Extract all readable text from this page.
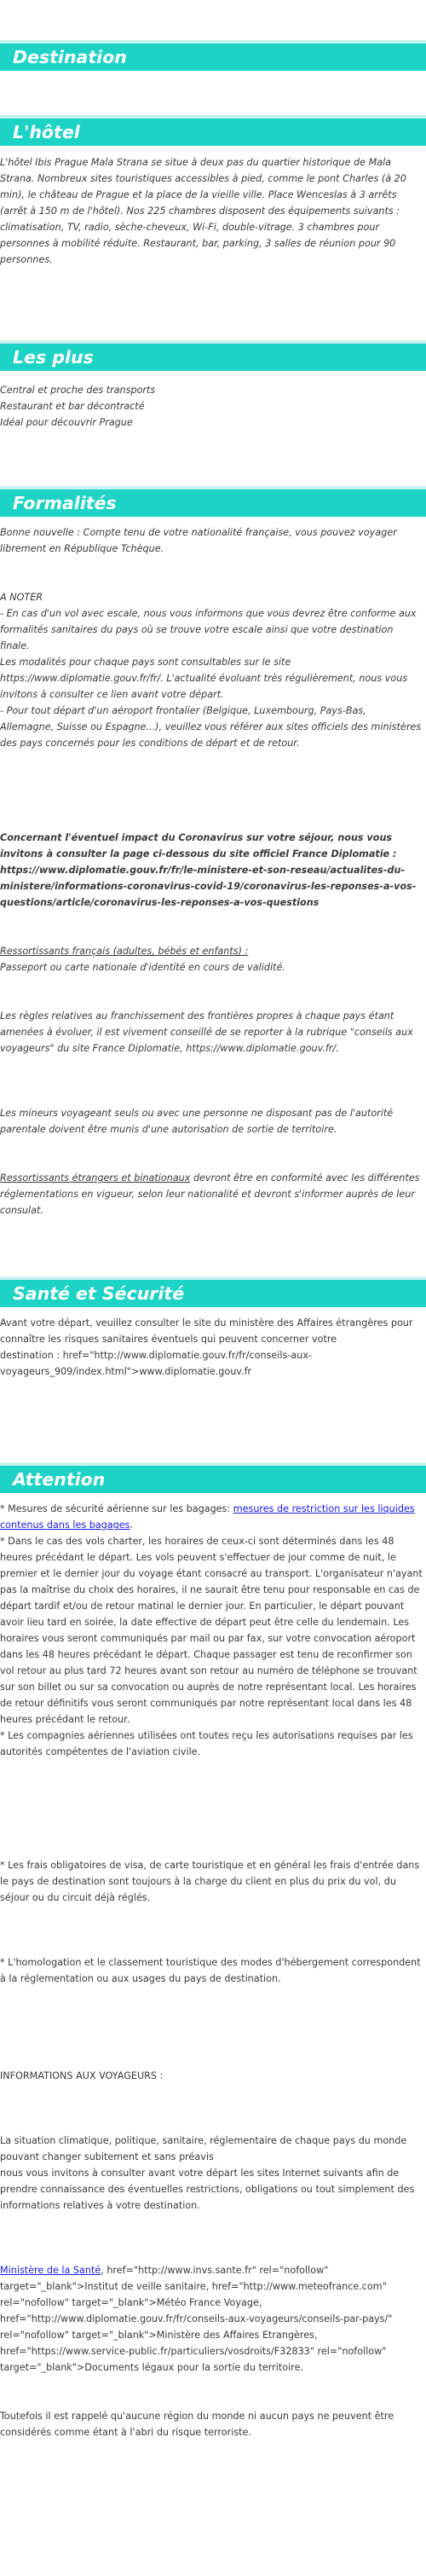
Destination
L'hôtel

L'hôtel Ibis Prague Mala Strana se situe à deux pas du quartier historique de Mala Strana. Nombreux sites touristiques accessibles à pied, comme le pont Charles (à 20 min), le château de Prague et la place de la vieille ville. Place Wenceslas à 3 arrêts (arrêt à 150 m de l'hôtel). Nos 225 chambres disposent des équipements suivants : climatisation, TV, radio, sèche-cheveux, Wi-Fi, double-vitrage. 3 chambres pour personnes à mobilité réduite. Restaurant, bar, parking, 3 salles de réunion pour 90 personnes.

Les plus

Central et proche des transports

Restaurant et bar décontracté

Idéal pour découvrir Prague

Formalités

Bonne nouvelle : Compte tenu de votre nationalité française, vous pouvez voyager librement en République Tchèque.

A NOTER
- En cas d'un vol avec escale, nous vous informons que vous devrez être conforme aux formalités sanitaires du pays où se trouve votre escale ainsi que votre destination finale.
Les modalités pour chaque pays sont consultables sur le site https://www.diplomatie.gouv.fr/fr/. L'actualité évoluant très régulièrement, nous vous invitons à consulter ce lien avant votre départ.
- Pour tout départ d'un aéroport frontalier (Belgique, Luxembourg, Pays-Bas, Allemagne, Suisse ou Espagne...), veuillez vous référer aux sites officiels des ministères des pays concernés pour les conditions de départ et de retour.

Concernant l'éventuel impact du Coronavirus sur votre séjour, nous vous invitons à consulter la page ci-dessous du site officiel France Diplomatie : https://www.diplomatie.gouv.fr/fr/le-ministere-et-son-reseau/actualites-du-ministere/informations-coronavirus-covid-19/coronavirus-les-reponses-a-vos-questions/article/coronavirus-les-reponses-a-vos-questions

Ressortissants français (adultes, bébés et enfants) :

Passeport ou carte nationale d'identité en cours de validité.

Les règles relatives au franchissement des frontières propres à chaque pays étant amenées à évoluer, il est vivement conseillé de se reporter à la rubrique "conseils aux voyageurs" du site France Diplomatie, https://www.diplomatie.gouv.fr/.

Les mineurs voyageant seuls ou avec une personne ne disposant pas de l'autorité parentale doivent être munis d'une autorisation de sortie de territoire.

Ressortissants étrangers et binationaux devront être en conformité avec les différentes réglementations en vigueur, selon leur nationalité et devront s'informer auprès de leur consulat.

Santé et Sécurité

Avant votre départ, veuillez consulter le site du ministère des Affaires étrangères pour connaître les risques sanitaires éventuels qui peuvent concerner votre
destination : href="http://www.diplomatie.gouv.fr/fr/conseils-aux-voyageurs_909/index.html">www.diplomatie.gouv.fr

Attention

* Mesures de sécurité aérienne sur les bagages: mesures de restriction sur les liquides contenus dans les bagages.

* Dans le cas des vols charter, les horaires de ceux-ci sont déterminés dans les 48 heures précédant le départ. Les vols peuvent s'effectuer de jour comme de nuit, le premier et le dernier jour du voyage étant consacré au transport. L'organisateur n'ayant pas la maîtrise du choix des horaires, il ne saurait être tenu pour responsable en cas de départ tardif et/ou de retour matinal le dernier jour. En particulier, le départ pouvant avoir lieu tard en soirée, la date effective de départ peut être celle du lendemain. Les horaires vous seront communiqués par mail ou par fax, sur votre convocation aéroport dans les 48 heures précédant le départ. Chaque passager est tenu de reconfirmer son vol retour au plus tard 72 heures avant son retour au numéro de téléphone se trouvant sur son billet ou sur sa convocation ou auprès de notre représentant local. Les horaires de retour définitifs vous seront communiqués par notre représentant local dans les 48 heures précédant le retour.
* Les compagnies aériennes utilisées ont toutes reçu les autorisations requises par les autorités compétentes de l'aviation civile.

* Les frais obligatoires de visa, de carte touristique et en général les frais d'entrée dans le pays de destination sont toujours à la charge du client en plus du prix du vol, du séjour ou du circuit déjà réglés.

* L'homologation et le classement touristique des modes d'hébergement correspondent à la réglementation ou aux usages du pays de destination.

INFORMATIONS AUX VOYAGEURS :

La situation climatique, politique, sanitaire, réglementaire de chaque pays du monde pouvant changer subitement et sans préavis
nous vous invitons à consulter avant votre départ les sites Internet suivants afin de prendre connaissance des éventuelles restrictions, obligations ou tout simplement des informations relatives à votre destination.

Ministère de la Santé, href="http://www.invs.sante.fr" rel="nofollow" target="_blank">Institut de veille sanitaire, href="http://www.meteofrance.com" rel="nofollow" target="_blank">Météo France Voyage, href="http://www.diplomatie.gouv.fr/fr/conseils-aux-voyageurs/conseils-par-pays/" rel="nofollow" target="_blank">Ministère des Affaires Etrangères, href="https://www.service-public.fr/particuliers/vosdroits/F32833" rel="nofollow" target="_blank">Documents légaux pour la sortie du territoire.

Toutefois il est rappelé qu'aucune région du monde ni aucun pays ne peuvent être considérés comme étant à l'abri du risque terroriste.
